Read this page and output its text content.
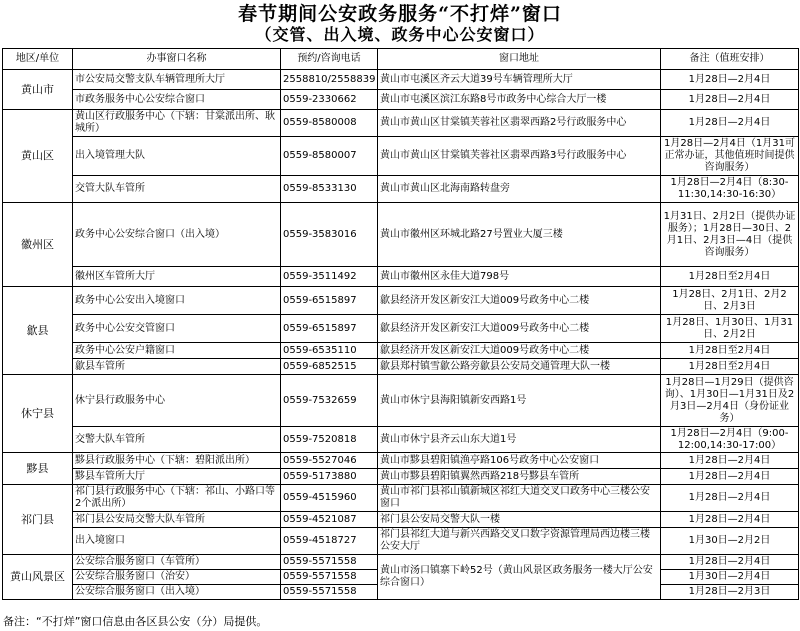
春节期间公安政务服务“不打烊”窗口
（交管、出入境、政务中心公安窗口）
地区/单位	办事窗口名称	预约/咨询电话	窗口地址	备注（值班安排）
黄山市	市公安局交警支队车辆管理所大厅	2558810/2558839	黄山市屯溪区齐云大道39号车辆管理所大厅	1月28日—2月4日
	市政务服务中心公安综合窗口	0559-2330662	黄山市屯溪区滨江东路8号市政务中心综合大厅一楼	1月28日—2月4日
黄山区	黄山区行政服务中心（下辖：甘棠派出所、耿城所）	0559-8580008	黄山市黄山区甘棠镇芙蓉社区翡翠西路2号行政服务中心	1月28日—2月4日
	出入境管理大队	0559-8580007	黄山市黄山区甘棠镇芙蓉社区翡翠西路3号行政服务中心	1月28日—2月4日（1月31可正常办证，其他值班时间提供咨询服务）
	交管大队车管所	0559-8533130	黄山市黄山区北海南路转盘旁	1月28日—2月4日（8:30-11:30,14:30-16:30）
徽州区	政务中心公安综合窗口（出入境）	0559-3583016	黄山市徽州区环城北路27号置业大厦三楼	1月31日、2月2日（提供办证服务）；1月28日—30日、2月1日、2月3日—4日（提供咨询服务）
	徽州区车管所大厅	0559-3511492	黄山市徽州区永佳大道798号	1月28日至2月4日
歙县	政务中心公安出入境窗口	0559-6515897	歙县经济开发区新安江大道009号政务中心二楼	1月28日、2月1日、2月2日、2月3日
	政务中心公安交管窗口	0559-6515897	歙县经济开发区新安江大道009号政务中心二楼	1月28日、1月30日、1月31日、2月2日
	政务中心公安户籍窗口	0559-6535110	歙县经济开发区新安江大道009号政务中心二楼	1月28日至2月4日
	歙县车管所	0559-6852515	歙县郑村镇雪歙公路旁歙县公安局交通管理大队一楼	1月28日至2月4日
休宁县	休宁县行政服务中心	0559-7532659	黄山市休宁县海阳镇新安西路1号	1月28日—1月29日（提供咨询）、1月30日—1月31日及2月3日—2月4日（身份证业务）
	交警大队车管所	0559-7520818	黄山市休宁县齐云山东大道1号	1月28日—2月4日（9:00-12:00,14:30-17:00）
黟县	黟县行政服务中心（下辖：碧阳派出所）	0559-5527046	黄山市黟县碧阳镇渔亭路106号政务中心公安窗口	1月28日—2月4日
	黟县车管所大厅	0559-5173880	黄山市黟县碧阳镇翼然西路218号黟县车管所	1月28日—2月4日
祁门县	祁门县行政服务中心（下辖：祁山、小路口等2个派出所）	0559-4515960	黄山市祁门县祁山镇新城区祁红大道交叉口政务中心三楼公安窗口	1月28日—2月4日
	祁门县公安局交警大队车管所	0559-4521087	祁门县公安局交警大队一楼	1月28日—2月4日
	出入境窗口	0559-4518727	祁门县祁红大道与新兴西路交叉口数字资源管理局西边楼三楼公安大厅	1月30日—2月2日
黄山风景区	公安综合服务窗口（车管所）	0559-5571558	黄山市汤口镇寨下岭52号（黄山风景区政务服务一楼大厅公安综合窗口）	1月28日—2月4日
	公安综合服务窗口（治安）	0559-5571558		1月30日—2月4日
	公安综合服务窗口（出入境）	0559-5571558		1月28日—2月3日
备注：“不打烊”窗口信息由各区县公安（分）局提供。
